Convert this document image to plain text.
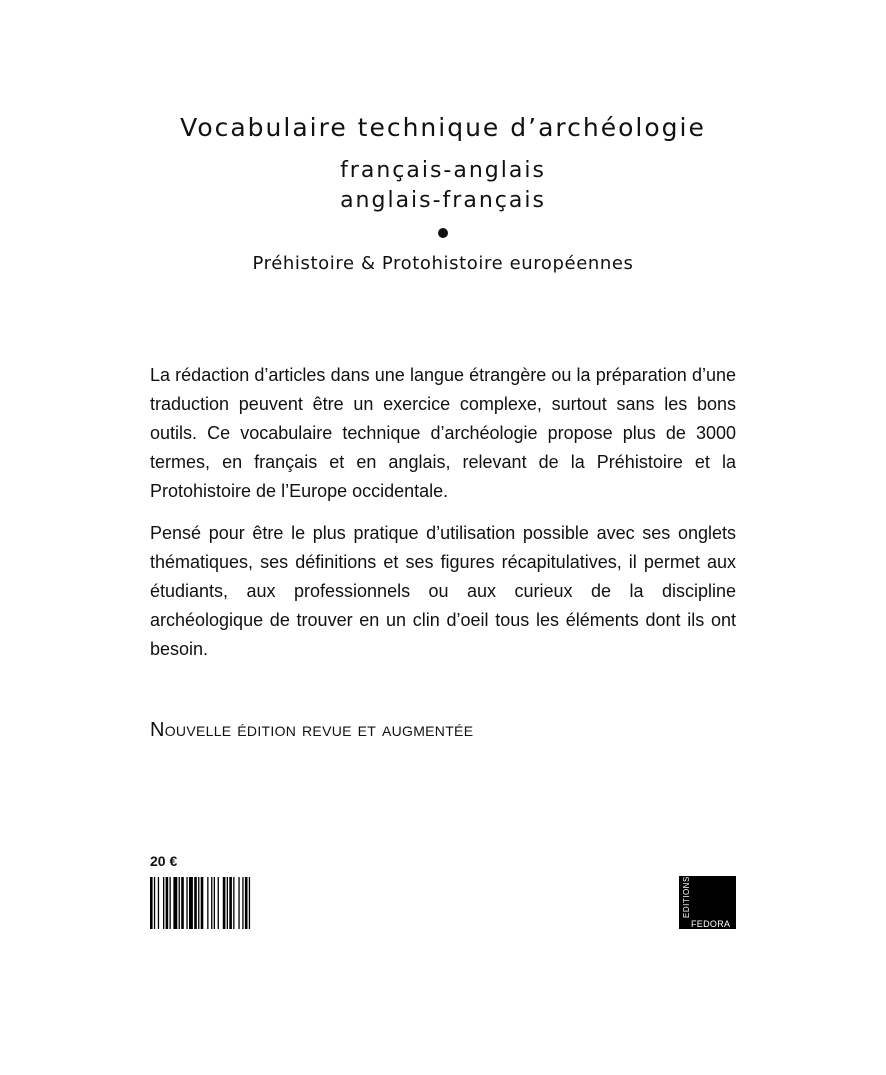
Vocabulaire technique d’archéologie
français-anglais
anglais-français
Préhistoire & Protohistoire européennes

La rédaction d’articles dans une langue étrangère ou la préparation d’une traduction peuvent être un exercice complexe, surtout sans les bons outils. Ce vocabulaire technique d’archéologie propose plus de 3000 termes, en français et en anglais, relevant de la Préhistoire et la Protohistoire de l’Europe occidentale.

Pensé pour être le plus pratique d’utilisation possible avec ses onglets thématiques, ses définitions et ses figures récapitulatives, il permet aux étudiants, aux professionnels ou aux curieux de la discipline archéologique de trouver en un clin d’oeil tous les éléments dont ils ont besoin.

Nouvelle édition revue et augmentée
20 €
EDITIONS
FEDORA
